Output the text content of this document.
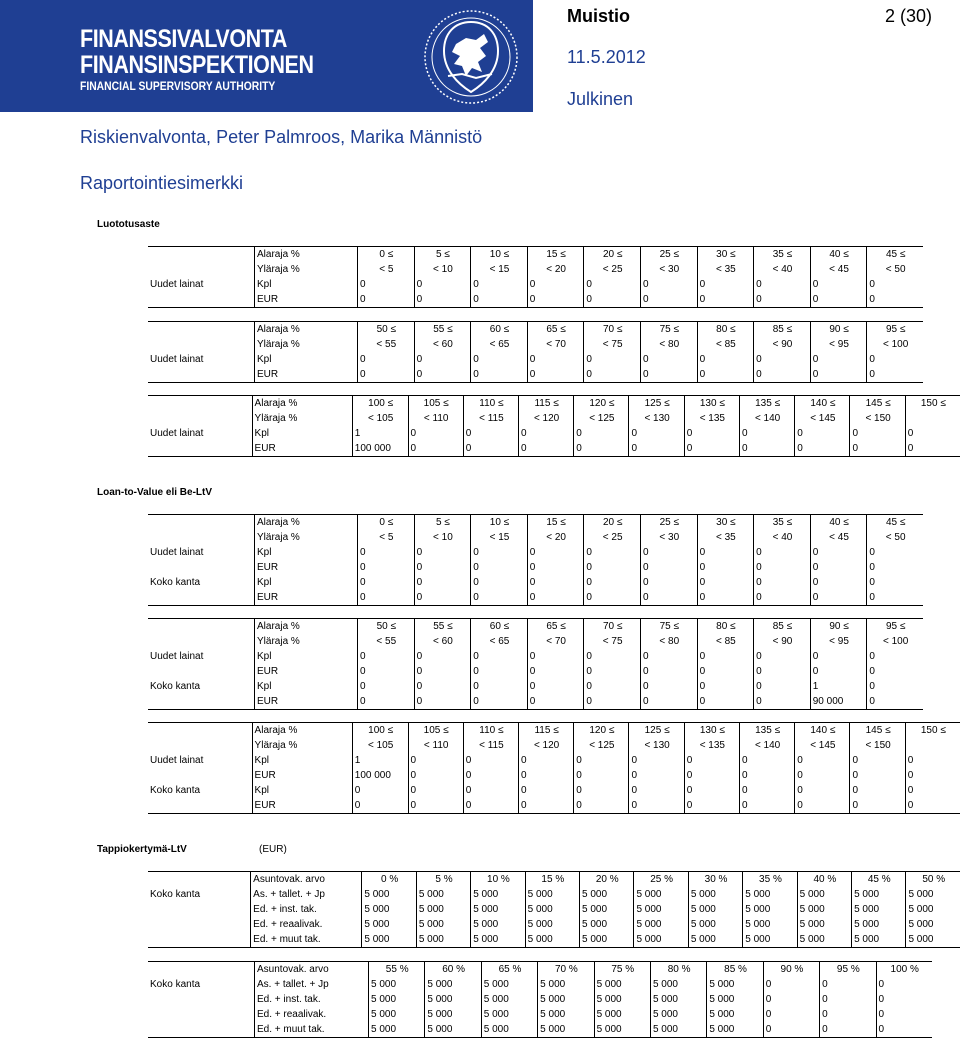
FINANSSIVALVONTA
FINANSINSPEKTIONEN
FINANCIAL SUPERVISORY AUTHORITY
Muistio	2 (30)
11.5.2012
Julkinen
Riskienvalvonta, Peter Palmroos, Marika Männistö
Raportointiesimerkki
Luototusaste
Loan-to-Value eli Be-LtV
Tappiokertymä-LtV	(EUR)
	Alaraja %	0 ≤	5 ≤	10 ≤	15 ≤	20 ≤	25 ≤	30 ≤	35 ≤	40 ≤	45 ≤
	Yläraja %	< 5	< 10	< 15	< 20	< 25	< 30	< 35	< 40	< 45	< 50
Uudet lainat	Kpl	0	0	0	0	0	0	0	0	0	0
	EUR	0	0	0	0	0	0	0	0	0	0
	Alaraja %	50 ≤	55 ≤	60 ≤	65 ≤	70 ≤	75 ≤	80 ≤	85 ≤	90 ≤	95 ≤
	Yläraja %	< 55	< 60	< 65	< 70	< 75	< 80	< 85	< 90	< 95	< 100
Uudet lainat	Kpl	0	0	0	0	0	0	0	0	0	0
	EUR	0	0	0	0	0	0	0	0	0	0
	Alaraja %	100 ≤	105 ≤	110 ≤	115 ≤	120 ≤	125 ≤	130 ≤	135 ≤	140 ≤	145 ≤	150 ≤
	Yläraja %	< 105	< 110	< 115	< 120	< 125	< 130	< 135	< 140	< 145	< 150	
Uudet lainat	Kpl	1	0	0	0	0	0	0	0	0	0	0
	EUR	100 000	0	0	0	0	0	0	0	0	0	0
	Alaraja %	0 ≤	5 ≤	10 ≤	15 ≤	20 ≤	25 ≤	30 ≤	35 ≤	40 ≤	45 ≤
	Yläraja %	< 5	< 10	< 15	< 20	< 25	< 30	< 35	< 40	< 45	< 50
Uudet lainat	Kpl	0	0	0	0	0	0	0	0	0	0
	EUR	0	0	0	0	0	0	0	0	0	0
Koko kanta	Kpl	0	0	0	0	0	0	0	0	0	0
	EUR	0	0	0	0	0	0	0	0	0	0
	Alaraja %	50 ≤	55 ≤	60 ≤	65 ≤	70 ≤	75 ≤	80 ≤	85 ≤	90 ≤	95 ≤
	Yläraja %	< 55	< 60	< 65	< 70	< 75	< 80	< 85	< 90	< 95	< 100
Uudet lainat	Kpl	0	0	0	0	0	0	0	0	0	0
	EUR	0	0	0	0	0	0	0	0	0	0
Koko kanta	Kpl	0	0	0	0	0	0	0	0	1	0
	EUR	0	0	0	0	0	0	0	0	90 000	0
	Alaraja %	100 ≤	105 ≤	110 ≤	115 ≤	120 ≤	125 ≤	130 ≤	135 ≤	140 ≤	145 ≤	150 ≤
	Yläraja %	< 105	< 110	< 115	< 120	< 125	< 130	< 135	< 140	< 145	< 150	
Uudet lainat	Kpl	1	0	0	0	0	0	0	0	0	0	0
	EUR	100 000	0	0	0	0	0	0	0	0	0	0
Koko kanta	Kpl	0	0	0	0	0	0	0	0	0	0	0
	EUR	0	0	0	0	0	0	0	0	0	0	0
	Asuntovak. arvo	0 %	5 %	10 %	15 %	20 %	25 %	30 %	35 %	40 %	45 %	50 %
Koko kanta	As. + tallet. + Jp	5 000	5 000	5 000	5 000	5 000	5 000	5 000	5 000	5 000	5 000	5 000
	Ed. + inst. tak.	5 000	5 000	5 000	5 000	5 000	5 000	5 000	5 000	5 000	5 000	5 000
	Ed. + reaalivak.	5 000	5 000	5 000	5 000	5 000	5 000	5 000	5 000	5 000	5 000	5 000
	Ed. + muut tak.	5 000	5 000	5 000	5 000	5 000	5 000	5 000	5 000	5 000	5 000	5 000
	Asuntovak. arvo	55 %	60 %	65 %	70 %	75 %	80 %	85 %	90 %	95 %	100 %
Koko kanta	As. + tallet. + Jp	5 000	5 000	5 000	5 000	5 000	5 000	5 000	0	0	0
	Ed. + inst. tak.	5 000	5 000	5 000	5 000	5 000	5 000	5 000	0	0	0
	Ed. + reaalivak.	5 000	5 000	5 000	5 000	5 000	5 000	5 000	0	0	0
	Ed. + muut tak.	5 000	5 000	5 000	5 000	5 000	5 000	5 000	0	0	0
